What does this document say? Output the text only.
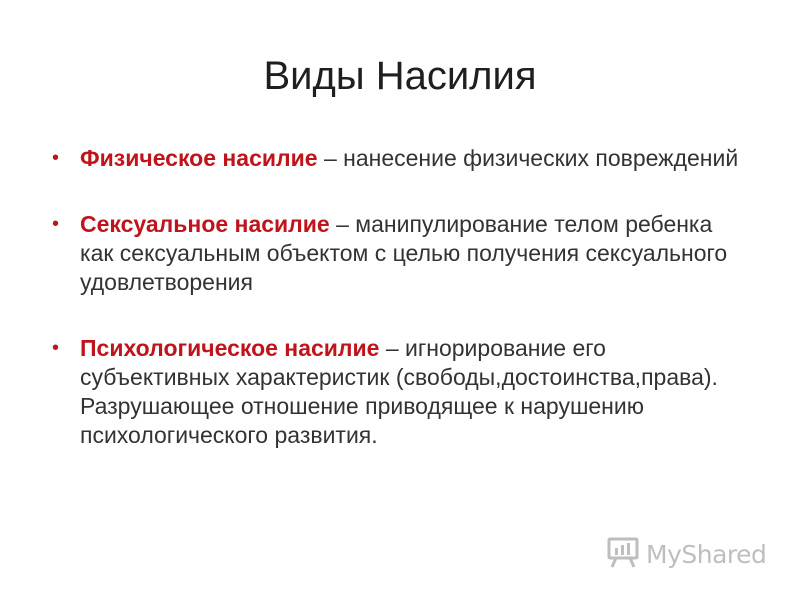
Виды Насилия
• Физическое насилие – нанесение физических повреждений
• Сексуальное насилие – манипулирование телом ребенка как сексуальным объектом с целью получения сексуального удовлетворения
• Психологическое насилие – игнорирование его субъективных характеристик (свободы,достоинства,права). Разрушающее отношение приводящее к нарушению психологического развития.
MyShared
